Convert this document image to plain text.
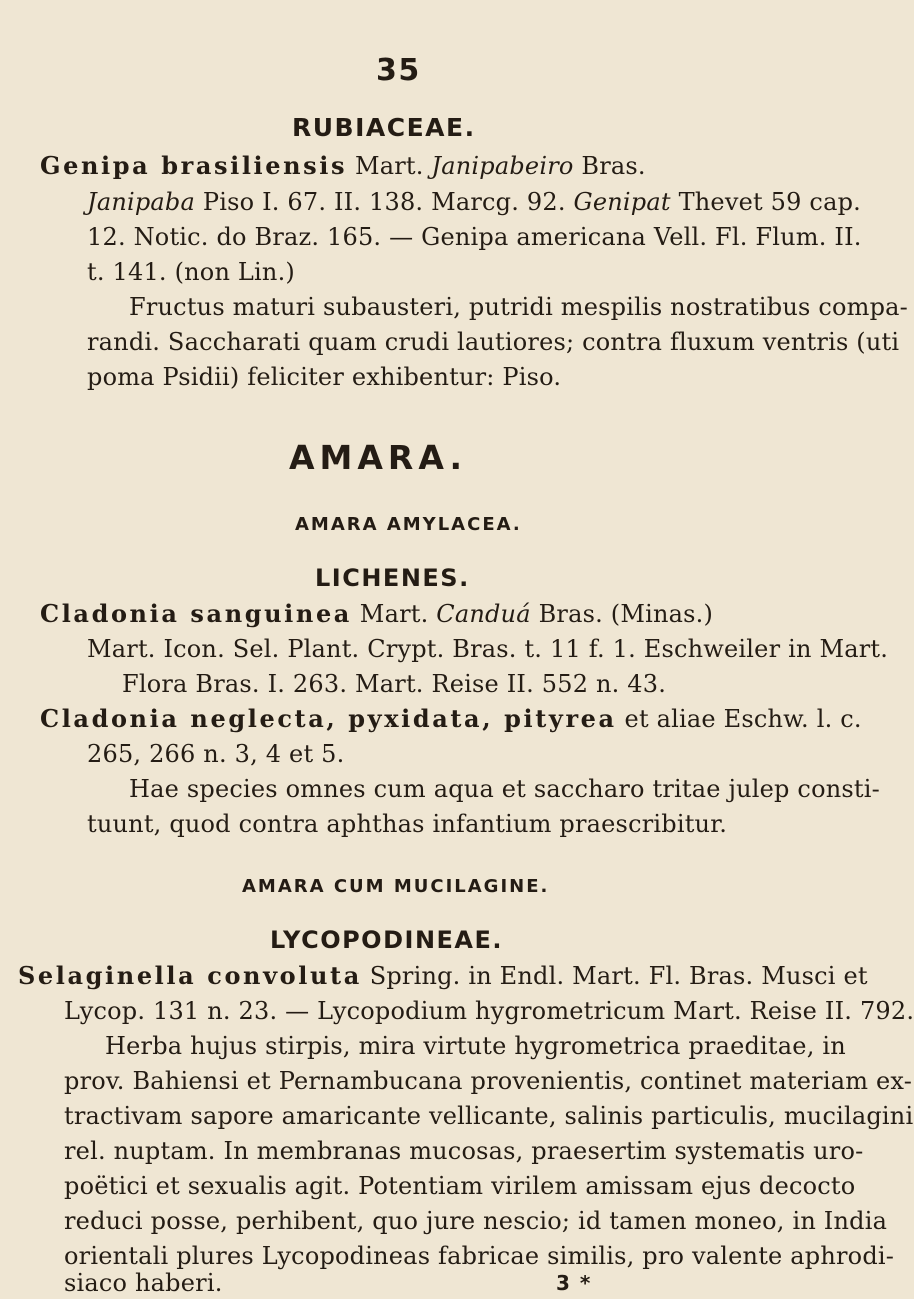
35
RUBIACEAE.
Genipa brasiliensis Mart. Janipabeiro Bras.
Janipaba Piso I. 67. II. 138. Marcg. 92. Genipat Thevet 59 cap.
12. Notic. do Braz. 165. — Genipa americana Vell. Fl. Flum. II.
t. 141. (non Lin.)
Fructus maturi subausteri, putridi mespilis nostratibus compa-
randi. Saccharati quam crudi lautiores; contra fluxum ventris (uti
poma Psidii) feliciter exhibentur: Piso.
AMARA.
AMARA AMYLACEA.
LICHENES.
Cladonia sanguinea Mart. Canduá Bras. (Minas.)
Mart. Icon. Sel. Plant. Crypt. Bras. t. 11 f. 1. Eschweiler in Mart.
Flora Bras. I. 263. Mart. Reise II. 552 n. 43.
Cladonia neglecta, pyxidata, pityrea et aliae Eschw. l. c.
265, 266 n. 3, 4 et 5.
Hae species omnes cum aqua et saccharo tritae julep consti-
tuunt, quod contra aphthas infantium praescribitur.
AMARA CUM MUCILAGINE.
LYCOPODINEAE.
Selaginella convoluta Spring. in Endl. Mart. Fl. Bras. Musci et
Lycop. 131 n. 23. — Lycopodium hygrometricum Mart. Reise II. 792.
Herba hujus stirpis, mira virtute hygrometrica praeditae, in
prov. Bahiensi et Pernambucana provenientis, continet materiam ex-
tractivam sapore amaricante vellicante, salinis particulis, mucilagini
rel. nuptam. In membranas mucosas, praesertim systematis uro-
poëtici et sexualis agit. Potentiam virilem amissam ejus decocto
reduci posse, perhibent, quo jure nescio; id tamen moneo, in India
orientali plures Lycopodineas fabricae similis, pro valente aphrodi-
siaco haberi.	3 *
